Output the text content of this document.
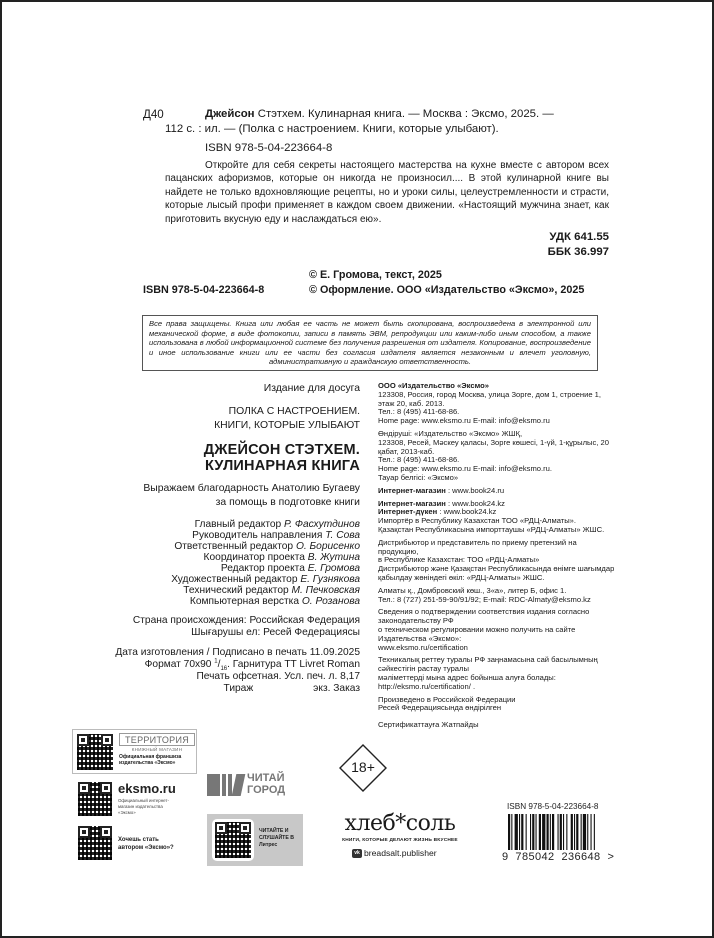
Д40	Джейсон Стэтхем. Кулинарная книга. — Москва : Эксмо, 2025. —
112 с. : ил. — (Полка с настроением. Книги, которые улыбают).
ISBN 978-5-04-223664-8

Откройте для себя секреты настоящего мастерства на кухне вместе с автором всех пацанских афоризмов, которые он никогда не произносил.... В этой кулинарной книге вы найдете не только вдохновляющие рецепты, но и уроки силы, целеустремленности и страсти, которые лысый профи применяет в каждом своем движении. «Настоящий мужчина знает, как приготовить вкусную еду и наслаждаться ею».

УДК 641.55
ББК 36.997
ISBN 978-5-04-223664-8
© Е. Громова, текст, 2025
© Оформление. ООО «Издательство «Эксмо», 2025
Все права защищены. Книга или любая ее часть не может быть скопирована, воспроизведена в электронной или механической форме, в виде фотокопии, записи в память ЭВМ, репродукции или каким-либо иным способом, а также использована в любой информационной системе без получения разрешения от издателя. Копирование, воспроизведение и иное использование книги или ее части без согласия издателя является незаконным и влечет уголовную, административную и гражданскую ответственность.
Издание для досуга
ПОЛКА С НАСТРОЕНИЕМ.
КНИГИ, КОТОРЫЕ УЛЫБАЮТ
ДЖЕЙСОН СТЭТХЕМ.
КУЛИНАРНАЯ КНИГА
Выражаем благодарность Анатолию Бугаеву
за помощь в подготовке книги
Главный редактор Р. Фасхутдинов
Руководитель направления Т. Сова
Ответственный редактор О. Борисенко
Координатор проекта В. Жутина
Редактор проекта Е. Громова
Художественный редактор Е. Гузнякова
Технический редактор М. Печковская
Компьютерная верстка О. Розанова
Страна происхождения: Российская Федерация
Шығарушы ел: Ресей Федерациясы
Дата изготовления / Подписано в печать 11.09.2025
Формат 70x90 $^1/_{16}$. Гарнитура TT Livret Roman
Печать офсетная. Усл. печ. л. 8,17
Тираж	экз. Заказ
ООО «Издательство «Эксмо»
123308, Россия, город Москва, улица Зорге, дом 1, строение 1, этаж 20, каб. 2013.
Тел.: 8 (495) 411-68-86.
Home page: www.eksmo.ru E-mail: info@eksmo.ru
Өндіруші: «Издательство «Эксмо» ЖШҚ,
123308, Ресей, Мәскеу қаласы, Зорге көшесі, 1-үй, 1-құрылыс, 20 қабат, 2013-каб.
Тел.: 8 (495) 411-68-86.
Home page: www.eksmo.ru E-mail: info@eksmo.ru.
Тауар белгісі: «Эксмо»
Интернет-магазин : www.book24.ru
Интернет-магазин : www.book24.kz
Интернет-дүкен : www.book24.kz
Импортёр в Республику Казахстан ТОО «РДЦ-Алматы».
Қазақстан Республикасына импорттаушы «РДЦ-Алматы» ЖШС.
Дистрибьютор и представитель по приему претензий на продукцию,
в Республике Казахстан: ТОО «РДЦ-Алматы»
Дистрибьютор және Қазақстан Республикасында өнімге шағымдар
қабылдау жөніндегі өкіл: «РДЦ-Алматы» ЖШС.
Алматы қ., Домбровский көш., 3«а», литер Б, офис 1.
Тел.: 8 (727) 251-59-90/91/92; E-mail: RDC-Almaty@eksmo.kz
Сведения о подтверждении соответствия издания согласно законодательству РФ
о техническом регулировании можно получить на сайте Издательства «Эксмо»:
www.eksmo.ru/certification
Техникалық реттеу туралы РФ заңнамасына сай басылымның сәйкестігін растау туралы
мәліметтерді мына адрес бойынша алуға болады: http://eksmo.ru/certification/ .
Произведено в Российской Федерации
Ресей Федерациясында өндірілген
Сертификаттауға Жатпайды
ТЕРРИТОРИЯ
КНИЖНЫЙ МАГАЗИН
Официальная франшиза издательства «Эксмо»
eksmo.ru
Официальный интернет-магазин издательства «Эксмо»
Хочешь стать автором «Эксмо»?
ЧИТАЙ
ГОРОД
ЧИТАЙТЕ И СЛУШАЙТЕ В Литрес
18+
хлеб*соль
КНИГИ, КОТОРЫЕ ДЕЛАЮТ ЖИЗНЬ ВКУСНЕЕ
vk breadsalt.publisher
ISBN 978-5-04-223664-8
9  785042  236648  >
